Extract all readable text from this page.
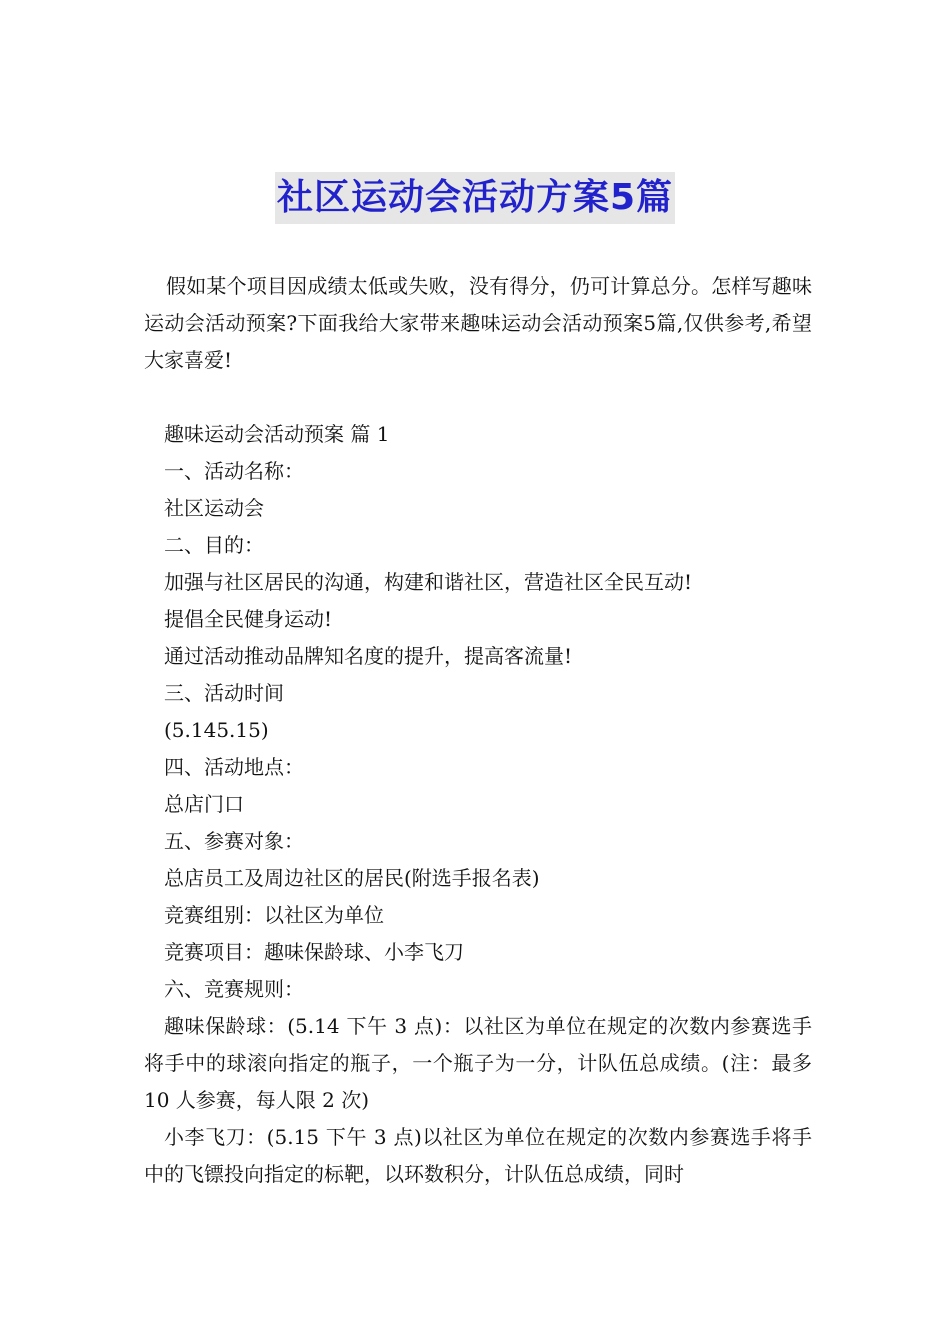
社区运动会活动方案5篇

假如某个项目因成绩太低或失败，没有得分，仍可计算总分。怎样写趣味运动会活动预案?下面我给大家带来趣味运动会活动预案5篇,仅供参考,希望大家喜爱!

趣味运动会活动预案 篇 1

一、活动名称：

社区运动会

二、目的：

加强与社区居民的沟通，构建和谐社区，营造社区全民互动!

提倡全民健身运动!

通过活动推动品牌知名度的提升，提高客流量!

三、活动时间

(5.145.15)

四、活动地点：

总店门口

五、参赛对象：

总店员工及周边社区的居民(附选手报名表)

竞赛组别：以社区为单位

竞赛项目：趣味保龄球、小李飞刀

六、竞赛规则：

趣味保龄球：(5.14 下午 3 点)：以社区为单位在规定的次数内参赛选手将手中的球滚向指定的瓶子，一个瓶子为一分，计队伍总成绩。(注：最多 10 人参赛，每人限 2 次)

小李飞刀：(5.15 下午 3 点)以社区为单位在规定的次数内参赛选手将手中的飞镖投向指定的标靶，以环数积分，计队伍总成绩，同时
